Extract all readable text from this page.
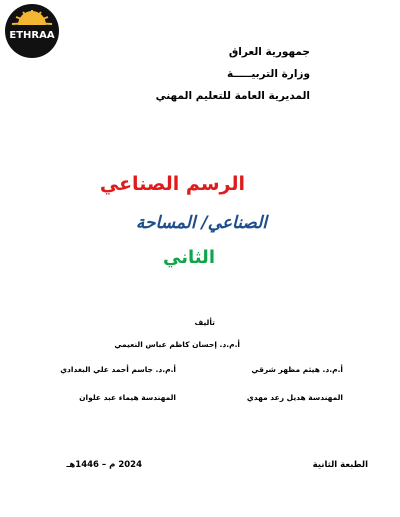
ETHRAA
جمهورية العراق
وزارة التربيـــــة
المديرية العامة للتعليم المهني
الرسم الصناعي
الصناعي/ المساحة
الثاني
تأليف
أ.م.د. إحسان كاظم عباس النعيمي
أ.م.د. هيثم مظهر شرقي
أ.م.د. جاسم أحمد علي البغدادي
المهندسة هديل رعد مهدي
المهندسة هيماء عبد علوان
الطبعة الثانية
2024 م – 1446هـ
